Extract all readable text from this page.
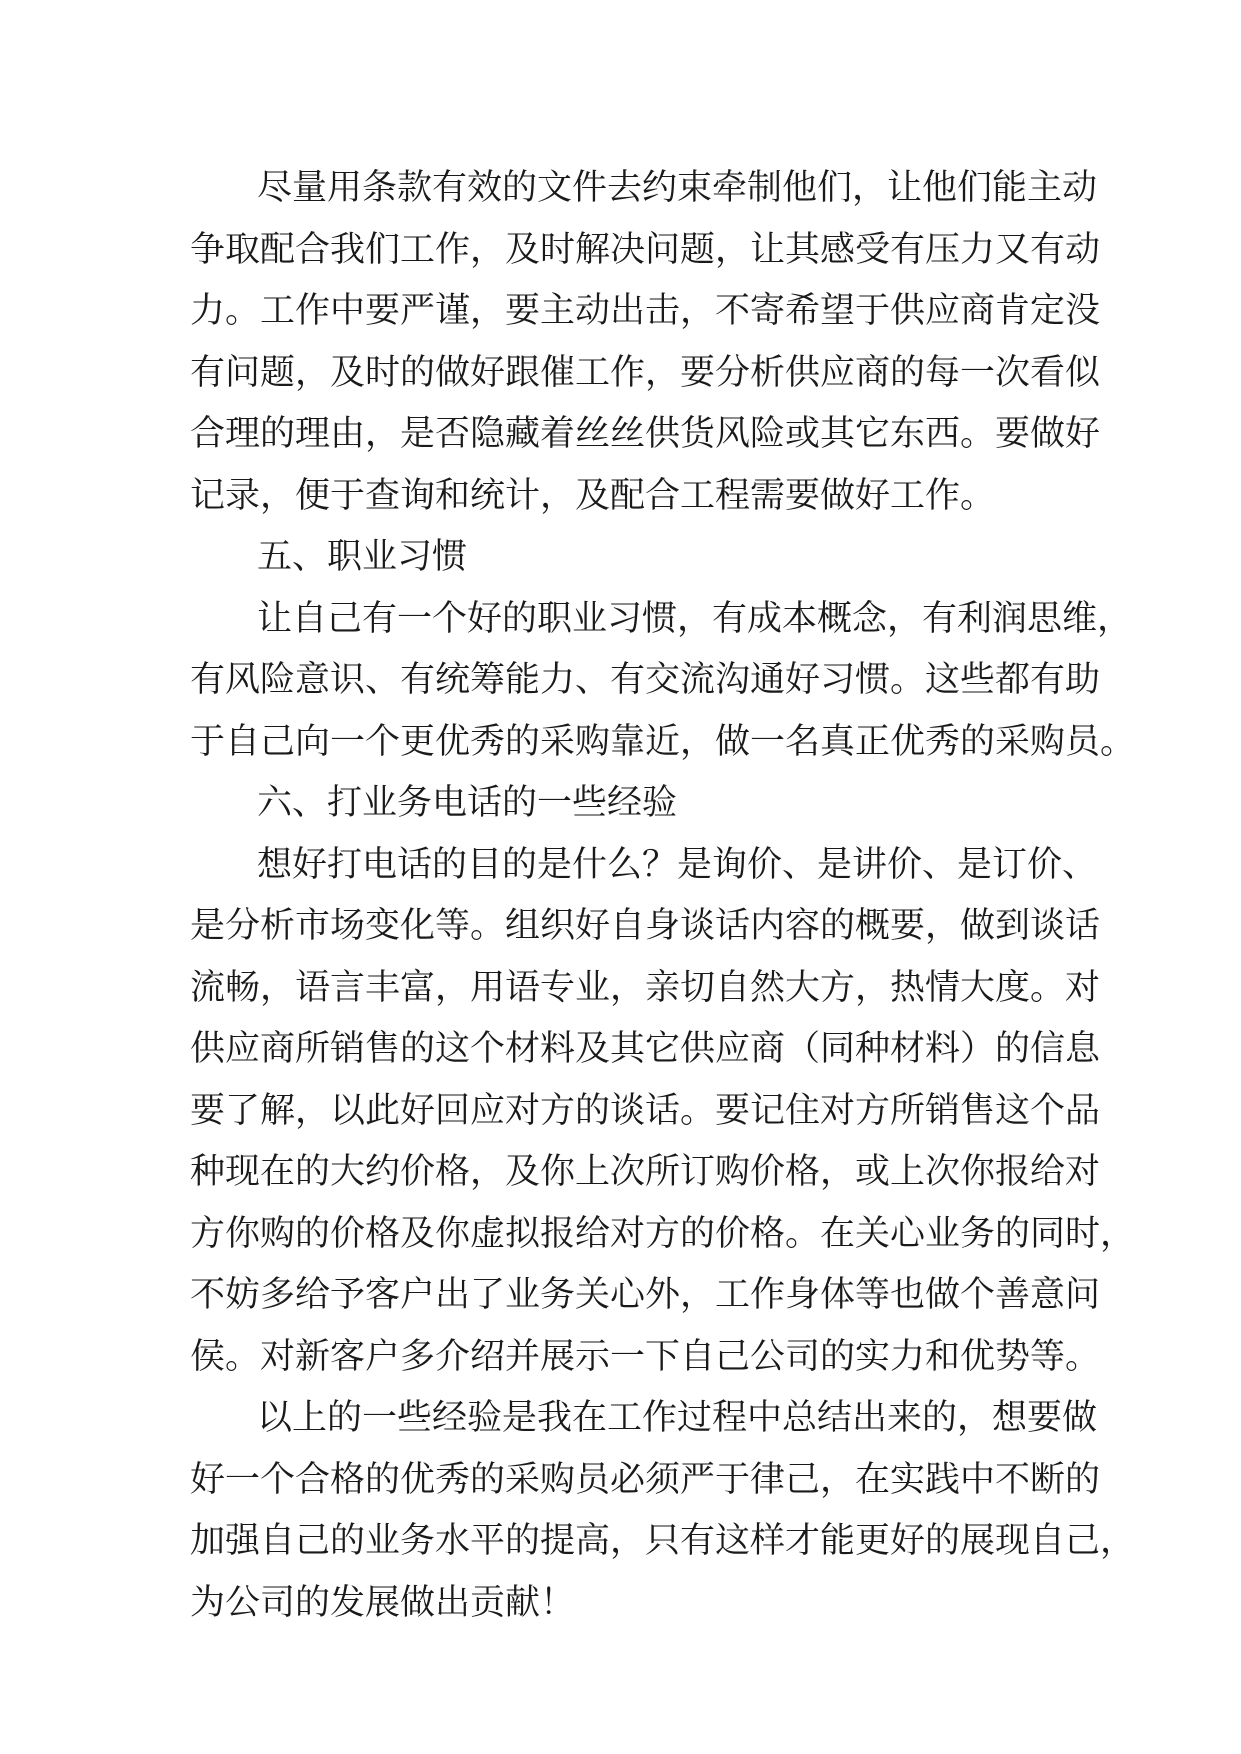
尽量用条款有效的文件去约束牵制他们，让他们能主动
争取配合我们工作，及时解决问题，让其感受有压力又有动
力。工作中要严谨，要主动出击，不寄希望于供应商肯定没
有问题，及时的做好跟催工作，要分析供应商的每一次看似
合理的理由，是否隐藏着丝丝供货风险或其它东西。要做好
记录，便于查询和统计，及配合工程需要做好工作。
五、职业习惯
让自己有一个好的职业习惯，有成本概念，有利润思维，
有风险意识、有统筹能力、有交流沟通好习惯。这些都有助
于自己向一个更优秀的采购靠近，做一名真正优秀的采购员。
六、打业务电话的一些经验
想好打电话的目的是什么？是询价、是讲价、是订价、
是分析市场变化等。组织好自身谈话内容的概要，做到谈话
流畅，语言丰富，用语专业，亲切自然大方，热情大度。对
供应商所销售的这个材料及其它供应商（同种材料）的信息
要了解，以此好回应对方的谈话。要记住对方所销售这个品
种现在的大约价格，及你上次所订购价格，或上次你报给对
方你购的价格及你虚拟报给对方的价格。在关心业务的同时，
不妨多给予客户出了业务关心外，工作身体等也做个善意问
侯。对新客户多介绍并展示一下自己公司的实力和优势等。
以上的一些经验是我在工作过程中总结出来的，想要做
好一个合格的优秀的采购员必须严于律己，在实践中不断的
加强自己的业务水平的提高，只有这样才能更好的展现自己，
为公司的发展做出贡献！
